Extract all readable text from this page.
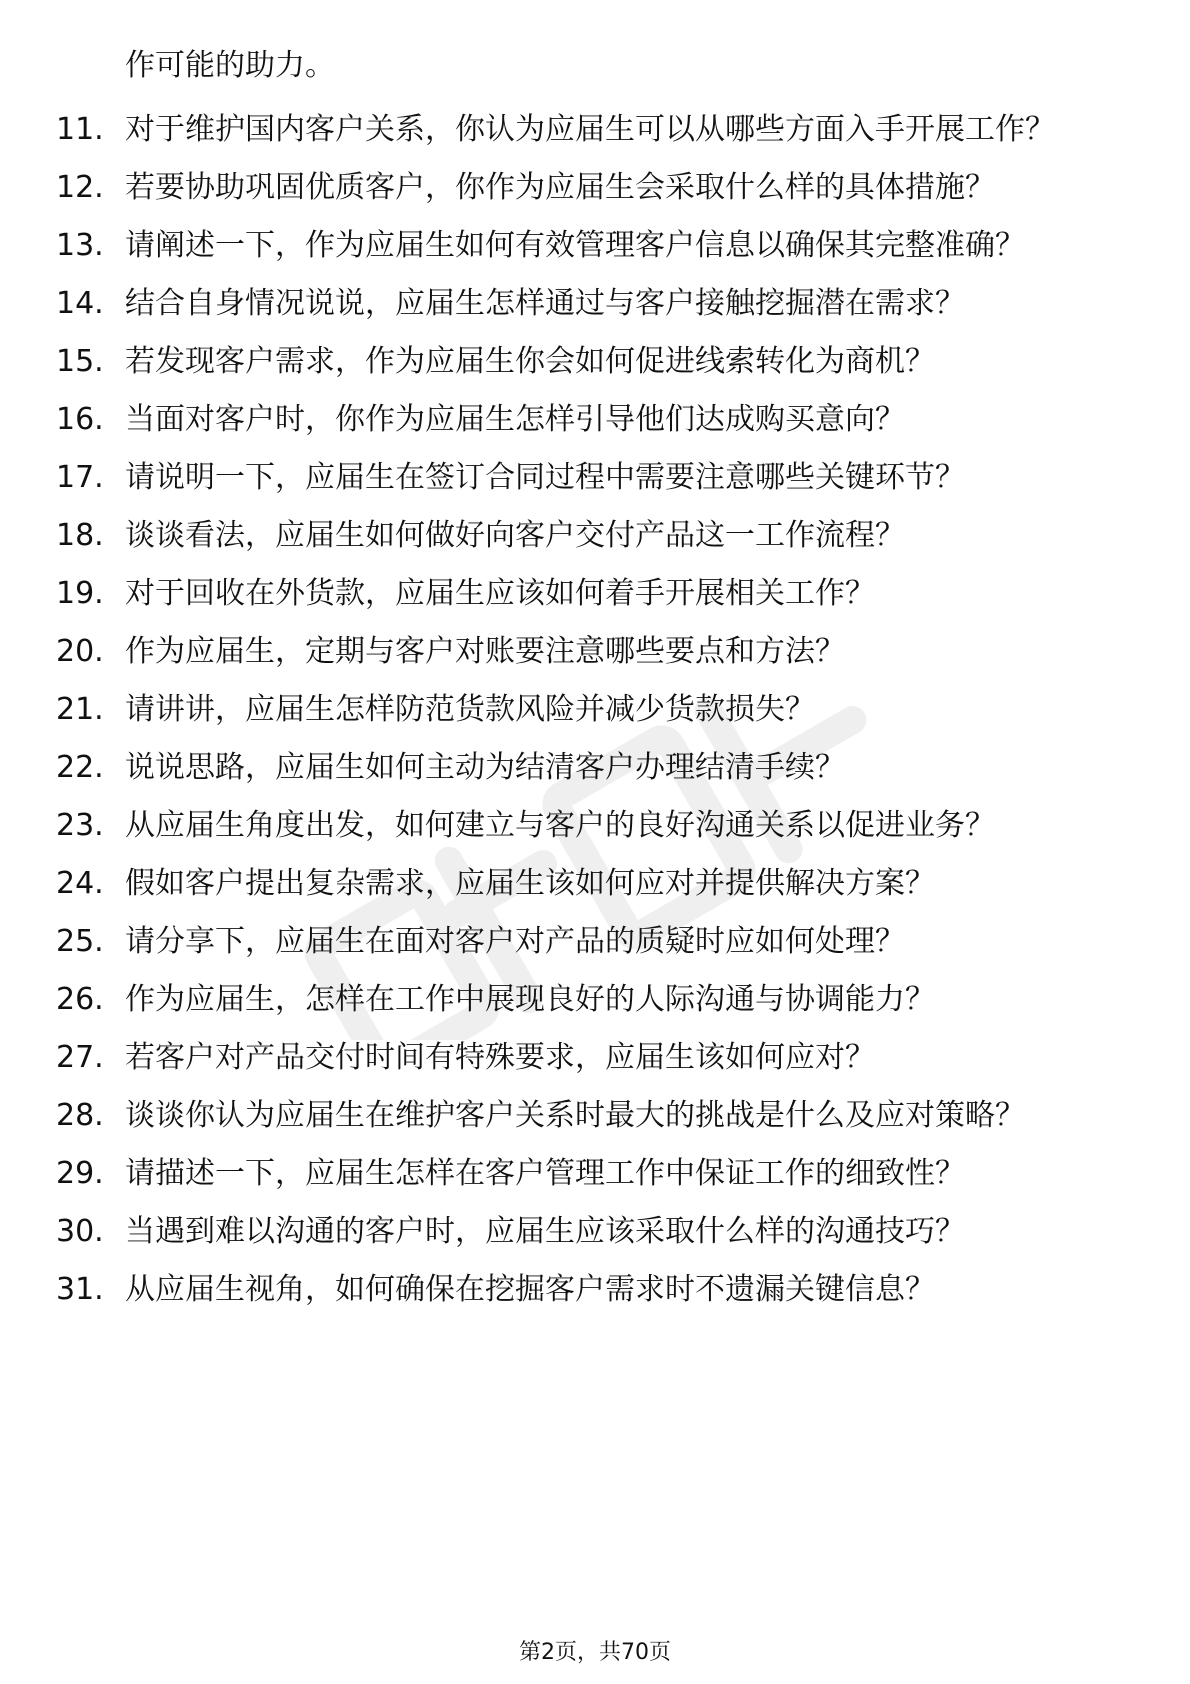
作可能的助力。
11. 对于维护国内客户关系，你认为应届生可以从哪些方面入手开展工作？
12. 若要协助巩固优质客户，你作为应届生会采取什么样的具体措施？
13. 请阐述一下，作为应届生如何有效管理客户信息以确保其完整准确？
14. 结合自身情况说说，应届生怎样通过与客户接触挖掘潜在需求？
15. 若发现客户需求，作为应届生你会如何促进线索转化为商机？
16. 当面对客户时，你作为应届生怎样引导他们达成购买意向？
17. 请说明一下，应届生在签订合同过程中需要注意哪些关键环节？
18. 谈谈看法，应届生如何做好向客户交付产品这一工作流程？
19. 对于回收在外货款，应届生应该如何着手开展相关工作？
20. 作为应届生，定期与客户对账要注意哪些要点和方法？
21. 请讲讲，应届生怎样防范货款风险并减少货款损失？
22. 说说思路，应届生如何主动为结清客户办理结清手续？
23. 从应届生角度出发，如何建立与客户的良好沟通关系以促进业务？
24. 假如客户提出复杂需求，应届生该如何应对并提供解决方案？
25. 请分享下，应届生在面对客户对产品的质疑时应如何处理？
26. 作为应届生，怎样在工作中展现良好的人际沟通与协调能力？
27. 若客户对产品交付时间有特殊要求，应届生该如何应对？
28. 谈谈你认为应届生在维护客户关系时最大的挑战是什么及应对策略？
29. 请描述一下，应届生怎样在客户管理工作中保证工作的细致性？
30. 当遇到难以沟通的客户时，应届生应该采取什么样的沟通技巧？
31. 从应届生视角，如何确保在挖掘客户需求时不遗漏关键信息？
第2页，共70页
